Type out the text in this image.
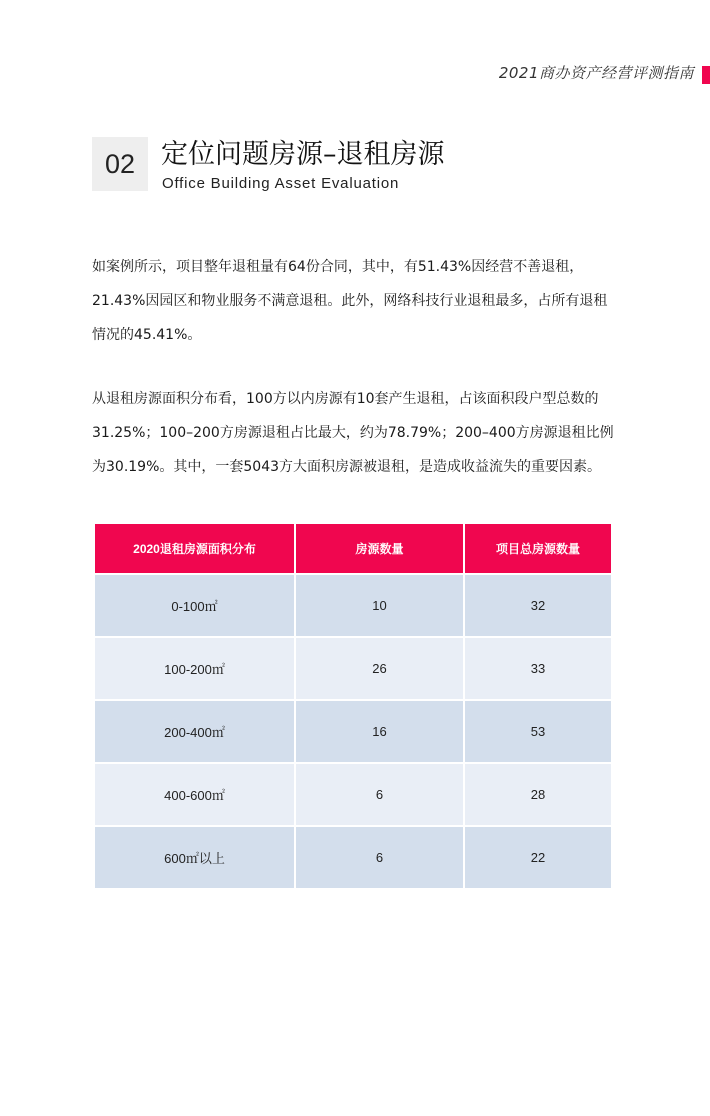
2021商办资产经营评测指南
02 定位问题房源–退租房源
Office Building Asset Evaluation

如案例所示，项目整年退租量有64份合同，其中，有51.43%因经营不善退租，
21.43%因园区和物业服务不满意退租。此外，网络科技行业退租最多，占所有退租
情况的45.41%。

从退租房源面积分布看，100方以内房源有10套产生退租，占该面积段户型总数的
31.25%；100–200方房源退租占比最大，约为78.79%；200–400方房源退租比例
为30.19%。其中，一套5043方大面积房源被退租，是造成收益流失的重要因素。

2020退租房源面积分布	房源数量	项目总房源数量
0-100㎡	10	32
100-200㎡	26	33
200-400㎡	16	53
400-600㎡	6	28
600㎡以上	6	22
